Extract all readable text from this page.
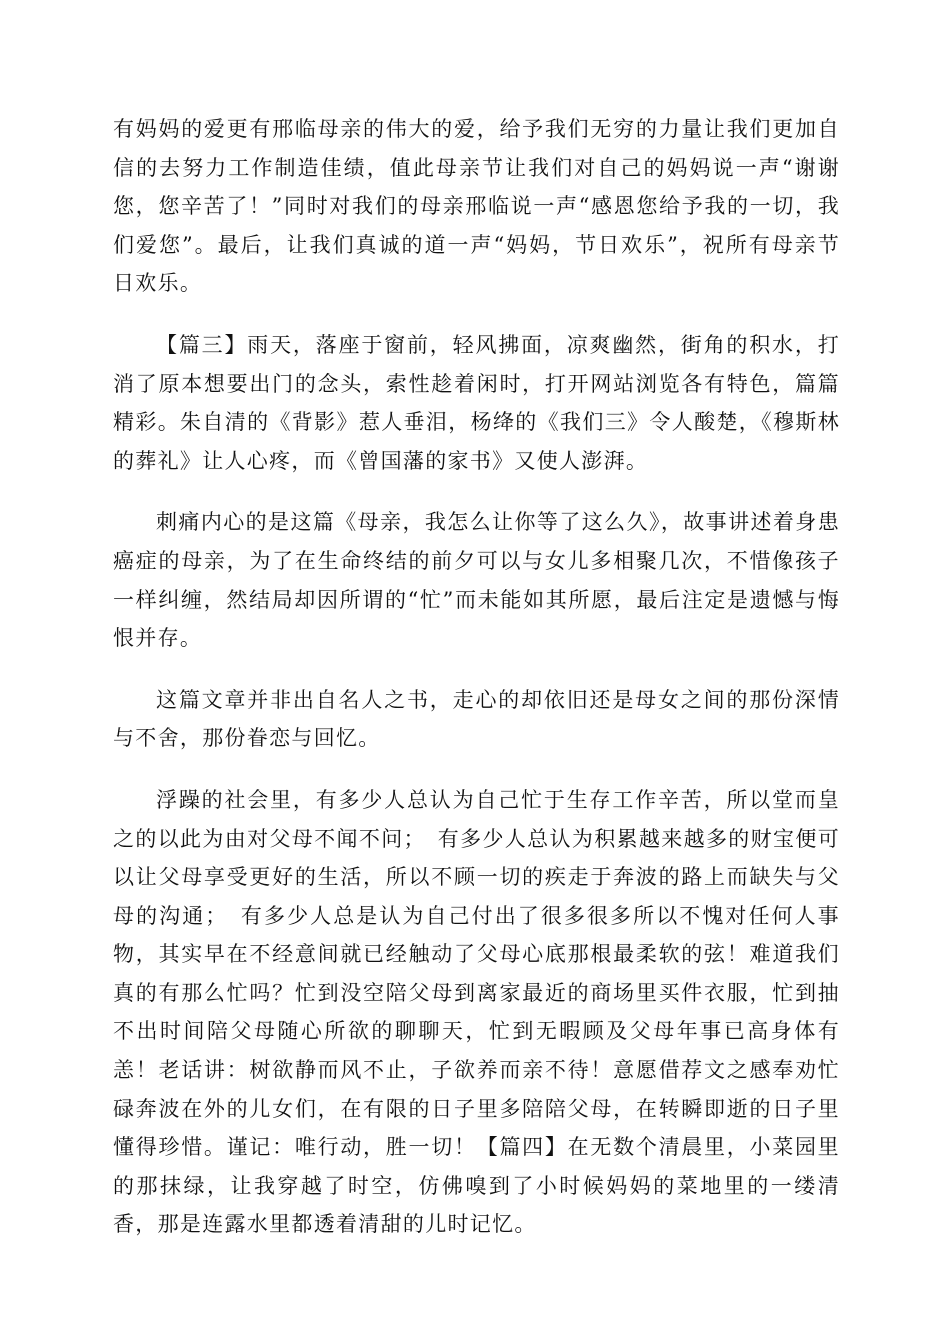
有妈妈的爱更有邢临母亲的伟大的爱，给予我们无穷的力量让我们更加自信的去努力工作制造佳绩，值此母亲节让我们对自己的妈妈说一声“谢谢您，您辛苦了！”同时对我们的母亲邢临说一声“感恩您给予我的一切，我们爱您”。最后，让我们真诚的道一声“妈妈，节日欢乐”，祝所有母亲节日欢乐。

【篇三】雨天，落座于窗前，轻风拂面，凉爽幽然，街角的积水，打消了原本想要出门的念头，索性趁着闲时，打开网站浏览各有特色，篇篇精彩。朱自清的《背影》惹人垂泪，杨绛的《我们三》令人酸楚，《穆斯林的葬礼》让人心疼，而《曾国藩的家书》又使人澎湃。

刺痛内心的是这篇《母亲，我怎么让你等了这么久》，故事讲述着身患癌症的母亲，为了在生命终结的前夕可以与女儿多相聚几次，不惜像孩子一样纠缠，然结局却因所谓的“忙”而未能如其所愿，最后注定是遗憾与悔恨并存。

这篇文章并非出自名人之书，走心的却依旧还是母女之间的那份深情与不舍，那份眷恋与回忆。

浮躁的社会里，有多少人总认为自己忙于生存工作辛苦，所以堂而皇之的以此为由对父母不闻不问；　有多少人总认为积累越来越多的财宝便可以让父母享受更好的生活，所以不顾一切的疾走于奔波的路上而缺失与父母的沟通；　有多少人总是认为自己付出了很多很多所以不愧对任何人事物，其实早在不经意间就已经触动了父母心底那根最柔软的弦！难道我们真的有那么忙吗？忙到没空陪父母到离家最近的商场里买件衣服，忙到抽不出时间陪父母随心所欲的聊聊天，忙到无暇顾及父母年事已高身体有恙！老话讲：树欲静而风不止，子欲养而亲不待！意愿借荐文之感奉劝忙碌奔波在外的儿女们，在有限的日子里多陪陪父母，在转瞬即逝的日子里懂得珍惜。谨记：唯行动，胜一切！【篇四】在无数个清晨里，小菜园里的那抹绿，让我穿越了时空，仿佛嗅到了小时候妈妈的菜地里的一缕清香，那是连露水里都透着清甜的儿时记忆。
